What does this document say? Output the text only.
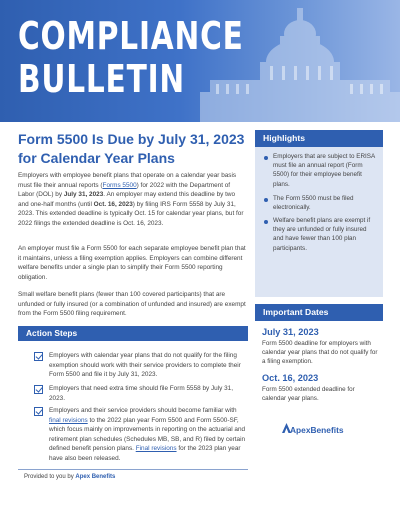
COMPLIANCE
BULLETIN
Form 5500 Is Due by July 31, 2023 for Calendar Year Plans
Employers with employee benefit plans that operate on a calendar year basis must file their annual reports (Forms 5500) for 2022 with the Department of Labor (DOL) by July 31, 2023. An employer may extend this deadline by two and one-half months (until Oct. 16, 2023) by filing IRS Form 5558 by July 31, 2023. This extended deadline is typically Oct. 15 for calendar year plans, but for 2022 filings the extended deadline is Oct. 16, 2023.
An employer must file a Form 5500 for each separate employee benefit plan that it maintains, unless a filing exemption applies. Employers can combine different welfare benefits under a single plan to simplify their Form 5500 reporting obligation.
Small welfare benefit plans (fewer than 100 covered participants) that are unfunded or fully insured (or a combination of unfunded and insured) are exempt from the Form 5500 filing requirement.
Action Steps
Employers with calendar year plans that do not qualify for the filing exemption should work with their service providers to complete their Form 5500 and file it by July 31, 2023.
Employers that need extra time should file Form 5558 by July 31, 2023.
Employers and their service providers should become familiar with final revisions to the 2022 plan year Form 5500 and Form 5500-SF, which focus mainly on improvements in reporting on the actuarial and retirement plan schedules (Schedules MB, SB, and R) filed by certain defined benefit pension plans. Final revisions for the 2023 plan year have also been released.
Provided to you by Apex Benefits
Highlights
Employers that are subject to ERISA must file an annual report (Form 5500) for their employee benefit plans.
The Form 5500 must be filed electronically.
Welfare benefit plans are exempt if they are unfunded or fully insured and have fewer than 100 plan participants.
Important Dates
July 31, 2023
Form 5500 deadline for employers with calendar year plans that do not qualify for a filing exemption.
Oct. 16, 2023
Form 5500 extended deadline for calendar year plans.
ApexBenefits
